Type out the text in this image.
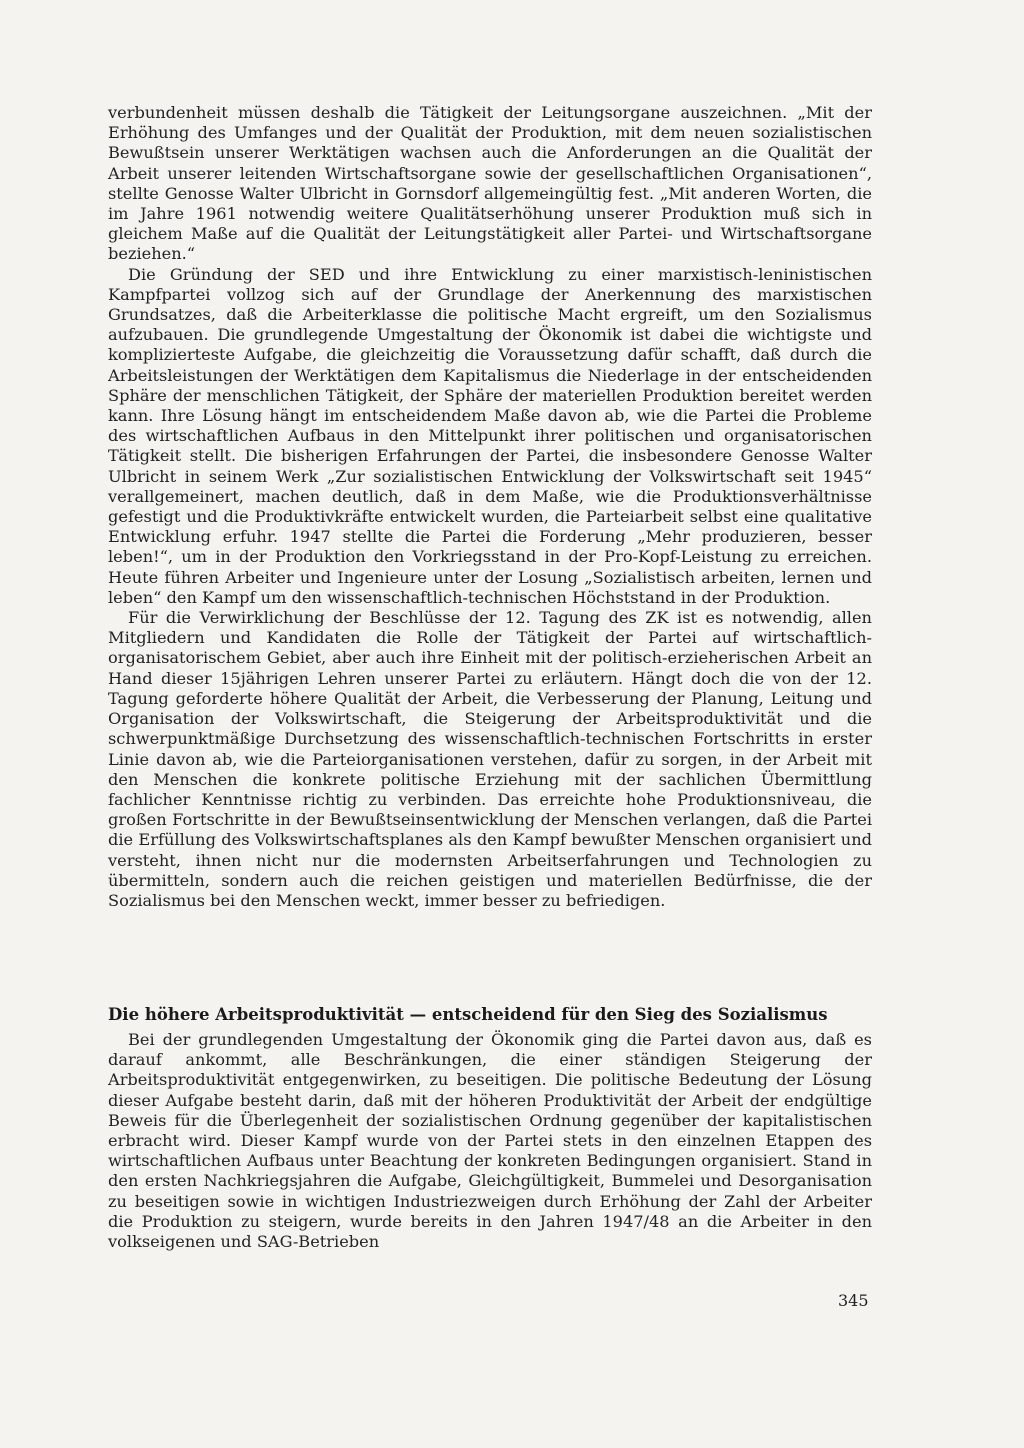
verbundenheit müssen deshalb die Tätigkeit der Leitungsorgane auszeichnen. „Mit der Erhöhung des Umfanges und der Qualität der Produktion, mit dem neuen sozialistischen Bewußtsein unserer Werktätigen wachsen auch die Anforderungen an die Qualität der Arbeit unserer leitenden Wirtschaftsorgane sowie der gesellschaftlichen Organisationen“, stellte Genosse Walter Ulbricht in Gornsdorf allgemeingültig fest. „Mit anderen Worten, die im Jahre 1961 notwendig weitere Qualitätserhöhung unserer Produktion muß sich in gleichem Maße auf die Qualität der Leitungstätigkeit aller Partei- und Wirtschaftsorgane beziehen.“

Die Gründung der SED und ihre Entwicklung zu einer marxistisch-leninistischen Kampfpartei vollzog sich auf der Grundlage der Anerkennung des marxistischen Grundsatzes, daß die Arbeiterklasse die politische Macht ergreift, um den Sozialismus aufzubauen. Die grundlegende Umgestaltung der Ökonomik ist dabei die wichtigste und komplizierteste Aufgabe, die gleichzeitig die Voraussetzung dafür schafft, daß durch die Arbeitsleistungen der Werktätigen dem Kapitalismus die Niederlage in der entscheidenden Sphäre der menschlichen Tätigkeit, der Sphäre der materiellen Produktion bereitet werden kann. Ihre Lösung hängt im entscheidendem Maße davon ab, wie die Partei die Probleme des wirtschaftlichen Aufbaus in den Mittelpunkt ihrer politischen und organisatorischen Tätigkeit stellt. Die bisherigen Erfahrungen der Partei, die insbesondere Genosse Walter Ulbricht in seinem Werk „Zur sozialistischen Entwicklung der Volkswirtschaft seit 1945“ verallgemeinert, machen deutlich, daß in dem Maße, wie die Produktionsverhältnisse gefestigt und die Produktivkräfte entwickelt wurden, die Parteiarbeit selbst eine qualitative Entwicklung erfuhr. 1947 stellte die Partei die Forderung „Mehr produzieren, besser leben!“, um in der Produktion den Vorkriegsstand in der Pro-Kopf-Leistung zu erreichen. Heute führen Arbeiter und Ingenieure unter der Losung „Sozialistisch arbeiten, lernen und leben“ den Kampf um den wissenschaftlich-technischen Höchststand in der Produktion.

Für die Verwirklichung der Beschlüsse der 12. Tagung des ZK ist es notwendig, allen Mitgliedern und Kandidaten die Rolle der Tätigkeit der Partei auf wirtschaftlich-organisatorischem Gebiet, aber auch ihre Einheit mit der politisch-erzieherischen Arbeit an Hand dieser 15jährigen Lehren unserer Partei zu erläutern. Hängt doch die von der 12. Tagung geforderte höhere Qualität der Arbeit, die Verbesserung der Planung, Leitung und Organisation der Volkswirtschaft, die Steigerung der Arbeitsproduktivität und die schwerpunktmäßige Durchsetzung des wissenschaftlich-technischen Fortschritts in erster Linie davon ab, wie die Parteiorganisationen verstehen, dafür zu sorgen, in der Arbeit mit den Menschen die konkrete politische Erziehung mit der sachlichen Übermittlung fachlicher Kenntnisse richtig zu verbinden. Das erreichte hohe Produktionsniveau, die großen Fortschritte in der Bewußtseinsentwicklung der Menschen verlangen, daß die Partei die Erfüllung des Volkswirtschaftsplanes als den Kampf bewußter Menschen organisiert und versteht, ihnen nicht nur die modernsten Arbeitserfahrungen und Technologien zu übermitteln, sondern auch die reichen geistigen und materiellen Bedürfnisse, die der Sozialismus bei den Menschen weckt, immer besser zu befriedigen.

Die höhere Arbeitsproduktivität — entscheidend für den Sieg des Sozialismus

Bei der grundlegenden Umgestaltung der Ökonomik ging die Partei davon aus, daß es darauf ankommt, alle Beschränkungen, die einer ständigen Steigerung der Arbeitsproduktivität entgegenwirken, zu beseitigen. Die politische Bedeutung der Lösung dieser Aufgabe besteht darin, daß mit der höheren Produktivität der Arbeit der endgültige Beweis für die Überlegenheit der sozialistischen Ordnung gegenüber der kapitalistischen erbracht wird. Dieser Kampf wurde von der Partei stets in den einzelnen Etappen des wirtschaftlichen Aufbaus unter Beachtung der konkreten Bedingungen organisiert. Stand in den ersten Nachkriegsjahren die Aufgabe, Gleichgültigkeit, Bummelei und Desorganisation zu beseitigen sowie in wichtigen Industriezweigen durch Erhöhung der Zahl der Arbeiter die Produktion zu steigern, wurde bereits in den Jahren 1947/48 an die Arbeiter in den volkseigenen und SAG-Betrieben

345
